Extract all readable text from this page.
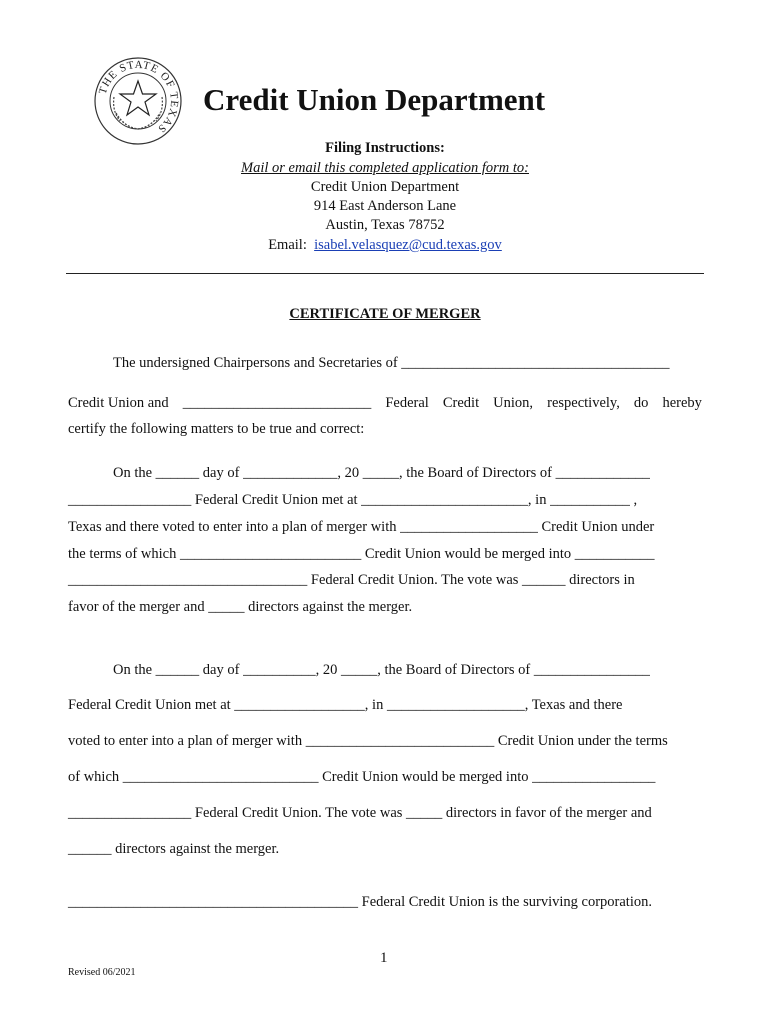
THE STATE OF TEXAS
Credit Union Department
Filing Instructions:
Mail or email this completed application form to:
Credit Union Department
914 East Anderson Lane
Austin, Texas 78752
Email: isabel.velasquez@cud.texas.gov
CERTIFICATE OF MERGER
The undersigned Chairpersons and Secretaries of _____________________________________
Credit Union and __________________________ Federal Credit Union, respectively, do hereby
certify the following matters to be true and correct:
On the ______ day of _____________, 20 _____, the Board of Directors of _____________
_________________ Federal Credit Union met at _______________________, in ___________ ,
Texas and there voted to enter into a plan of merger with ___________________ Credit Union under
the terms of which _________________________ Credit Union would be merged into ___________
_________________________________ Federal Credit Union. The vote was ______ directors in
favor of the merger and _____ directors against the merger.
On the ______ day of __________, 20 _____, the Board of Directors of ________________
Federal Credit Union met at __________________, in ___________________, Texas and there
voted to enter into a plan of merger with __________________________ Credit Union under the terms
of which ___________________________ Credit Union would be merged into _________________
_________________ Federal Credit Union. The vote was _____ directors in favor of the merger and
______ directors against the merger.
________________________________________ Federal Credit Union is the surviving corporation.
1
Revised 06/2021
